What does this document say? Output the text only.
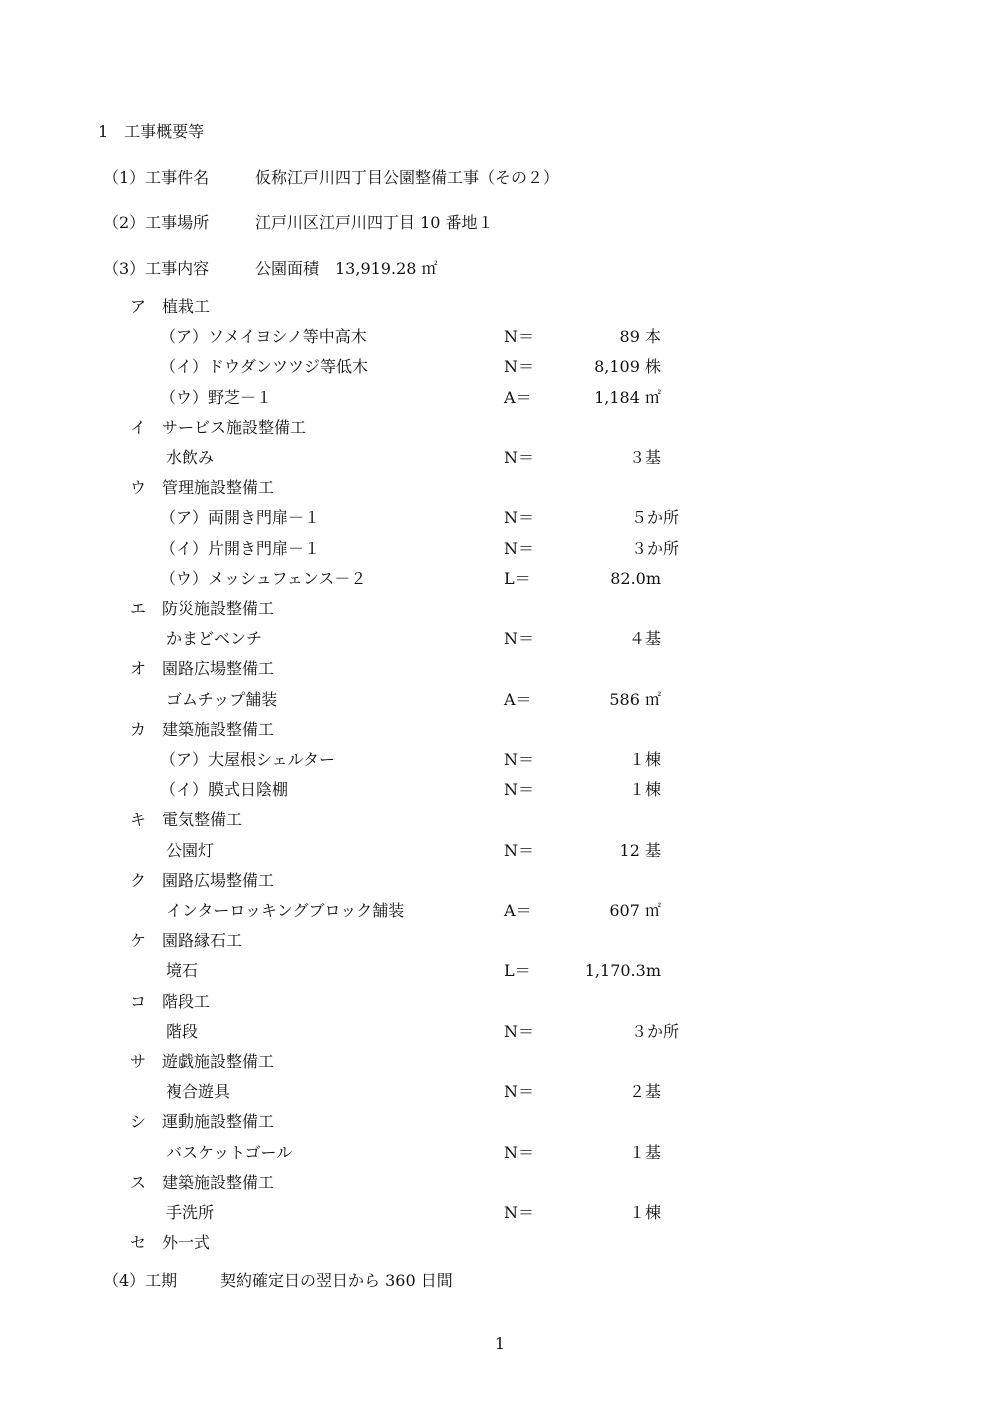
1　工事概要等
（1）工事件名	仮称江戸川四丁目公園整備工事（その２）
（2）工事場所	江戸川区江戸川四丁目 10 番地１
（3）工事内容	公園面積　13,919.28 ㎡
ア　植栽工
（ア）ソメイヨシノ等中高木	N＝	89 本
（イ）ドウダンツツジ等低木	N＝	8,109 株
（ウ）野芝－１	A＝	1,184 ㎡
イ　サービス施設整備工
水飲み	N＝	３基
ウ　管理施設整備工
（ア）両開き門扉－１	N＝	５か所
（イ）片開き門扉－１	N＝	３か所
（ウ）メッシュフェンス－２	L＝	82.0m
エ　防災施設整備工
かまどベンチ	N＝	４基
オ　園路広場整備工
ゴムチップ舗装	A＝	586 ㎡
カ　建築施設整備工
（ア）大屋根シェルター	N＝	１棟
（イ）膜式日陰棚	N＝	１棟
キ　電気整備工
公園灯	N＝	12 基
ク　園路広場整備工
インターロッキングブロック舗装	A＝	607 ㎡
ケ　園路縁石工
境石	L＝	1,170.3m
コ　階段工
階段	N＝	３か所
サ　遊戯施設整備工
複合遊具	N＝	２基
シ　運動施設整備工
バスケットゴール	N＝	１基
ス　建築施設整備工
手洗所	N＝	１棟
セ　外一式
（4）工期	契約確定日の翌日から 360 日間
1
